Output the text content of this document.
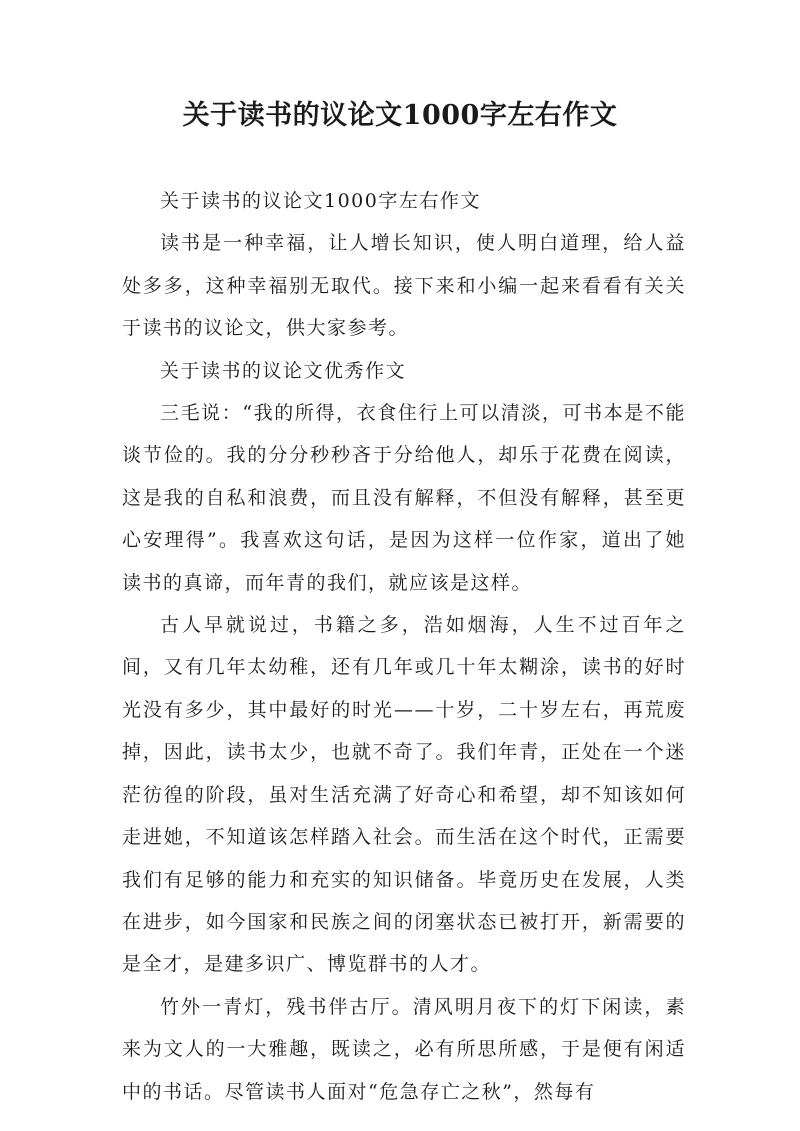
关于读书的议论文1000字左右作文

关于读书的议论文1000字左右作文

读书是一种幸福，让人增长知识，使人明白道理，给人益处多多，这种幸福别无取代。接下来和小编一起来看看有关关于读书的议论文，供大家参考。

关于读书的议论文优秀作文

三毛说：“我的所得，衣食住行上可以清淡，可书本是不能谈节俭的。我的分分秒秒吝于分给他人，却乐于花费在阅读，这是我的自私和浪费，而且没有解释，不但没有解释，甚至更心安理得”。我喜欢这句话，是因为这样一位作家，道出了她读书的真谛，而年青的我们，就应该是这样。

古人早就说过，书籍之多，浩如烟海，人生不过百年之间，又有几年太幼稚，还有几年或几十年太糊涂，读书的好时光没有多少，其中最好的时光——十岁，二十岁左右，再荒废掉，因此，读书太少，也就不奇了。我们年青，正处在一个迷茫彷徨的阶段，虽对生活充满了好奇心和希望，却不知该如何走进她，不知道该怎样踏入社会。而生活在这个时代，正需要我们有足够的能力和充实的知识储备。毕竟历史在发展，人类在进步，如今国家和民族之间的闭塞状态已被打开，新需要的是全才，是建多识广、博览群书的人才。

竹外一青灯，残书伴古厅。清风明月夜下的灯下闲读，素来为文人的一大雅趣，既读之，必有所思所感，于是便有闲适中的书话。尽管读书人面对“危急存亡之秋”，然每有
